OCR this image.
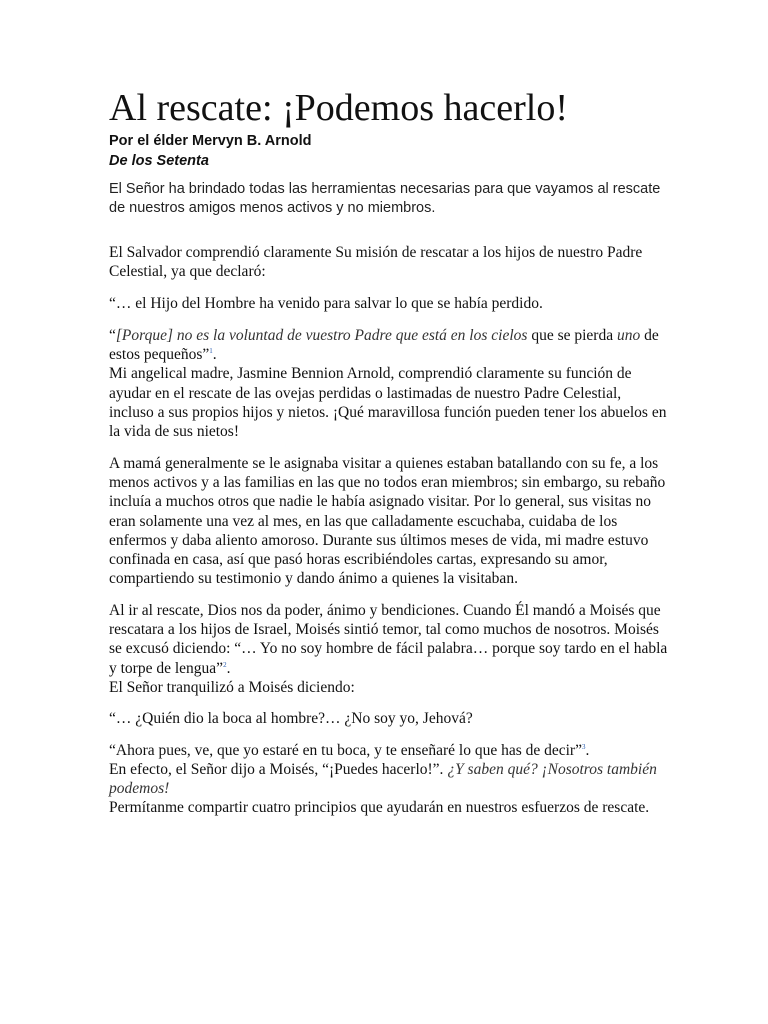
Al rescate: ¡Podemos hacerlo!
Por el élder Mervyn B. Arnold
De los Setenta
El Señor ha brindado todas las herramientas necesarias para que vayamos al rescate de nuestros amigos menos activos y no miembros.

El Salvador comprendió claramente Su misión de rescatar a los hijos de nuestro Padre Celestial, ya que declaró:

“… el Hijo del Hombre ha venido para salvar lo que se había perdido.

“[Porque] no es la voluntad de vuestro Padre que está en los cielos que se pierda uno de estos pequeños”$^1$.

Mi angelical madre, Jasmine Bennion Arnold, comprendió claramente su función de ayudar en el rescate de las ovejas perdidas o lastimadas de nuestro Padre Celestial, incluso a sus propios hijos y nietos. ¡Qué maravillosa función pueden tener los abuelos en la vida de sus nietos!

A mamá generalmente se le asignaba visitar a quienes estaban batallando con su fe, a los menos activos y a las familias en las que no todos eran miembros; sin embargo, su rebaño incluía a muchos otros que nadie le había asignado visitar. Por lo general, sus visitas no eran solamente una vez al mes, en las que calladamente escuchaba, cuidaba de los enfermos y daba aliento amoroso. Durante sus últimos meses de vida, mi madre estuvo confinada en casa, así que pasó horas escribiéndoles cartas, expresando su amor, compartiendo su testimonio y dando ánimo a quienes la visitaban.

Al ir al rescate, Dios nos da poder, ánimo y bendiciones. Cuando Él mandó a Moisés que rescatara a los hijos de Israel, Moisés sintió temor, tal como muchos de nosotros. Moisés se excusó diciendo: “… Yo no soy hombre de fácil palabra… porque soy tardo en el habla y torpe de lengua”$^2$.

El Señor tranquilizó a Moisés diciendo:

“… ¿Quién dio la boca al hombre?… ¿No soy yo, Jehová?

“Ahora pues, ve, que yo estaré en tu boca, y te enseñaré lo que has de decir”$^3$.

En efecto, el Señor dijo a Moisés, “¡Puedes hacerlo!”. ¿Y saben qué? ¡Nosotros también podemos!

Permítanme compartir cuatro principios que ayudarán en nuestros esfuerzos de rescate.
